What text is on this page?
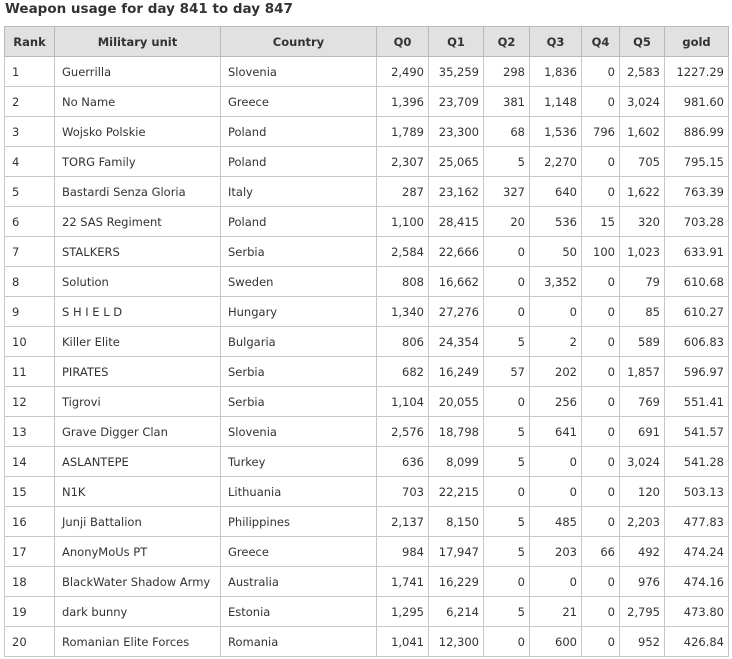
Weapon usage for day 841 to day 847
Rank	Military unit	Country	Q0	Q1	Q2	Q3	Q4	Q5	gold
1	Guerrilla	Slovenia	2,490	35,259	298	1,836	0	2,583	1227.29
2	No Name	Greece	1,396	23,709	381	1,148	0	3,024	981.60
3	Wojsko Polskie	Poland	1,789	23,300	68	1,536	796	1,602	886.99
4	TORG Family	Poland	2,307	25,065	5	2,270	0	705	795.15
5	Bastardi Senza Gloria	Italy	287	23,162	327	640	0	1,622	763.39
6	22 SAS Regiment	Poland	1,100	28,415	20	536	15	320	703.28
7	STALKERS	Serbia	2,584	22,666	0	50	100	1,023	633.91
8	Solution	Sweden	808	16,662	0	3,352	0	79	610.68
9	S H I E L D	Hungary	1,340	27,276	0	0	0	85	610.27
10	Killer Elite	Bulgaria	806	24,354	5	2	0	589	606.83
11	PIRATES	Serbia	682	16,249	57	202	0	1,857	596.97
12	Tigrovi	Serbia	1,104	20,055	0	256	0	769	551.41
13	Grave Digger Clan	Slovenia	2,576	18,798	5	641	0	691	541.57
14	ASLANTEPE	Turkey	636	8,099	5	0	0	3,024	541.28
15	N1K	Lithuania	703	22,215	0	0	0	120	503.13
16	Junji Battalion	Philippines	2,137	8,150	5	485	0	2,203	477.83
17	AnonyMoUs PT	Greece	984	17,947	5	203	66	492	474.24
18	BlackWater Shadow Army	Australia	1,741	16,229	0	0	0	976	474.16
19	dark bunny	Estonia	1,295	6,214	5	21	0	2,795	473.80
20	Romanian Elite Forces	Romania	1,041	12,300	0	600	0	952	426.84
